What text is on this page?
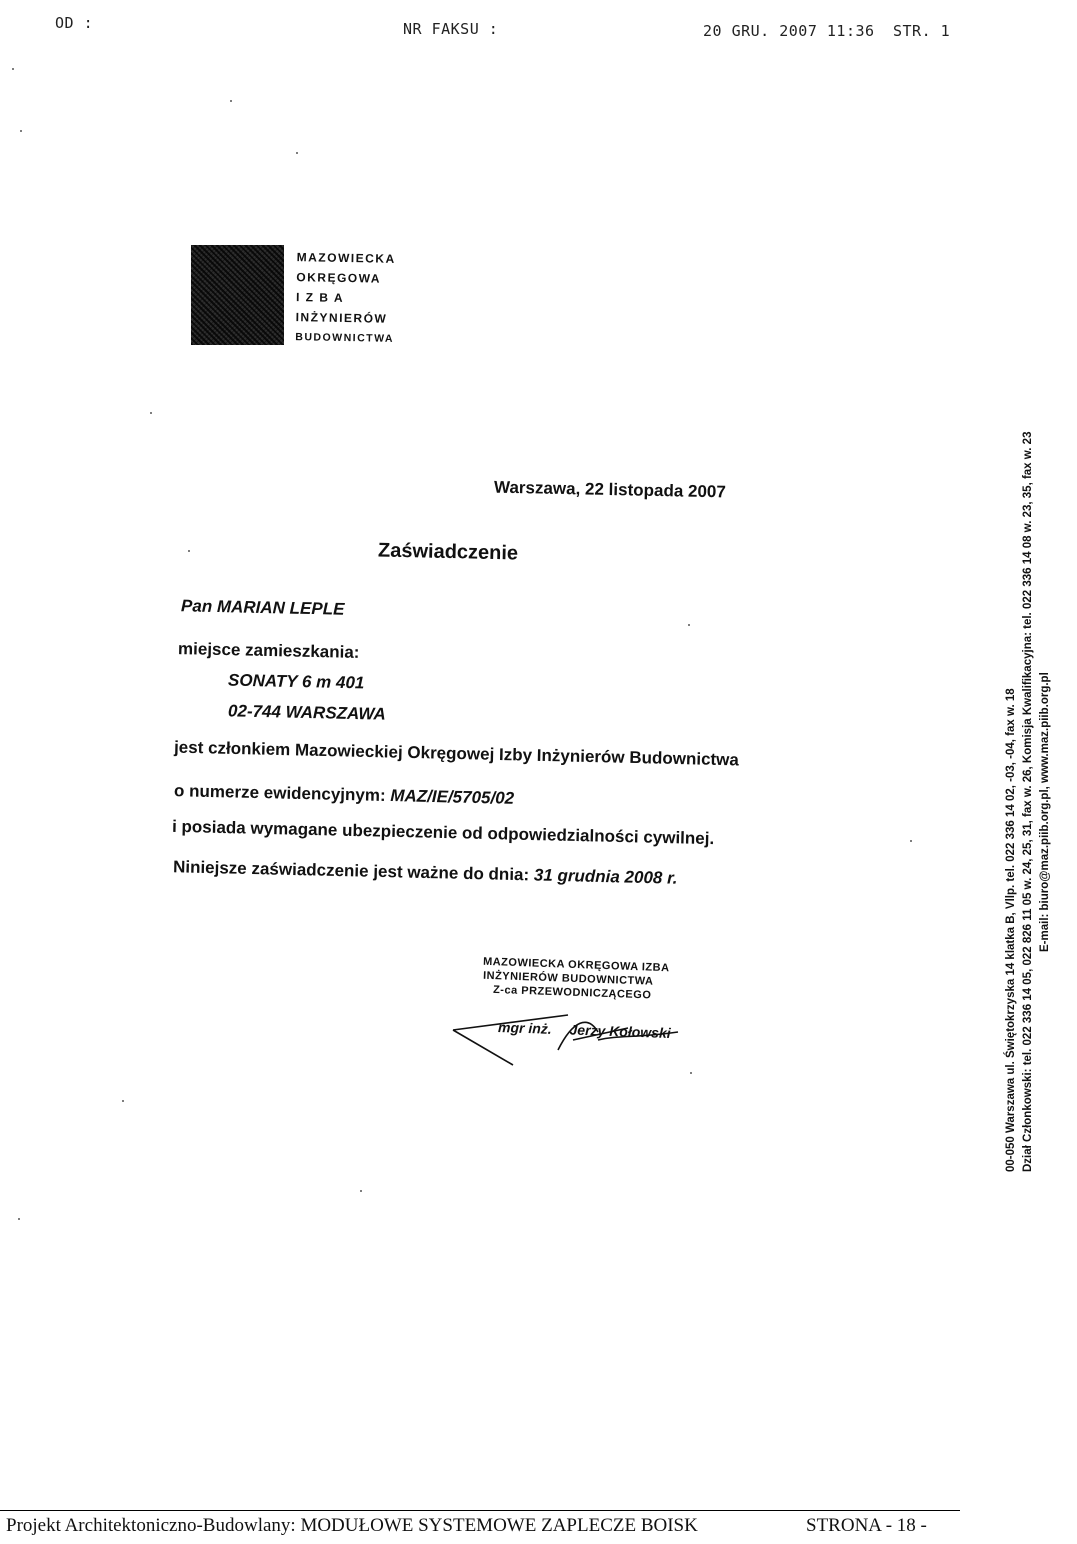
OD :	NR FAKSU :	20 GRU. 2007 11:36 STR. 1
MAZOWIECKA
OKRĘGOWA
I Z B A
INŻYNIERÓW
BUDOWNICTWA
Warszawa, 22 listopada 2007
Zaświadczenie
Pan MARIAN LEPLE
miejsce zamieszkania:
SONATY 6 m 401
02-744 WARSZAWA
jest członkiem Mazowieckiej Okręgowej Izby Inżynierów Budownictwa
o numerze ewidencyjnym: MAZ/IE/5705/02
i posiada wymagane ubezpieczenie od odpowiedzialności cywilnej.
Niniejsze zaświadczenie jest ważne do dnia: 31 grudnia 2008 r.
MAZOWIECKA OKRĘGOWA IZBA
INŻYNIERÓW BUDOWNICTWA
Z-ca PRZEWODNICZĄCEGO
mgr inż. Jerzy Kołowski	00-050 Warszawa ul. Świętokrzyska 14 klatka B, Vllp. tel. 022 336 14 02, -03, -04, fax w. 18 Dział Członkowski: tel. 022 336 14 05, 022 826 11 05 w. 24, 25, 31, fax w. 26, Komisja Kwalifikacyjna: tel. 022 336 14 08 w. 23, 35, fax w. 23 E-mail: biuro@maz.piib.org.pl, www.maz.piib.org.pl
Projekt Architektoniczno-Budowlany: MODUŁOWE SYSTEMOWE ZAPLECZE BOISK	STRONA - 18 -
